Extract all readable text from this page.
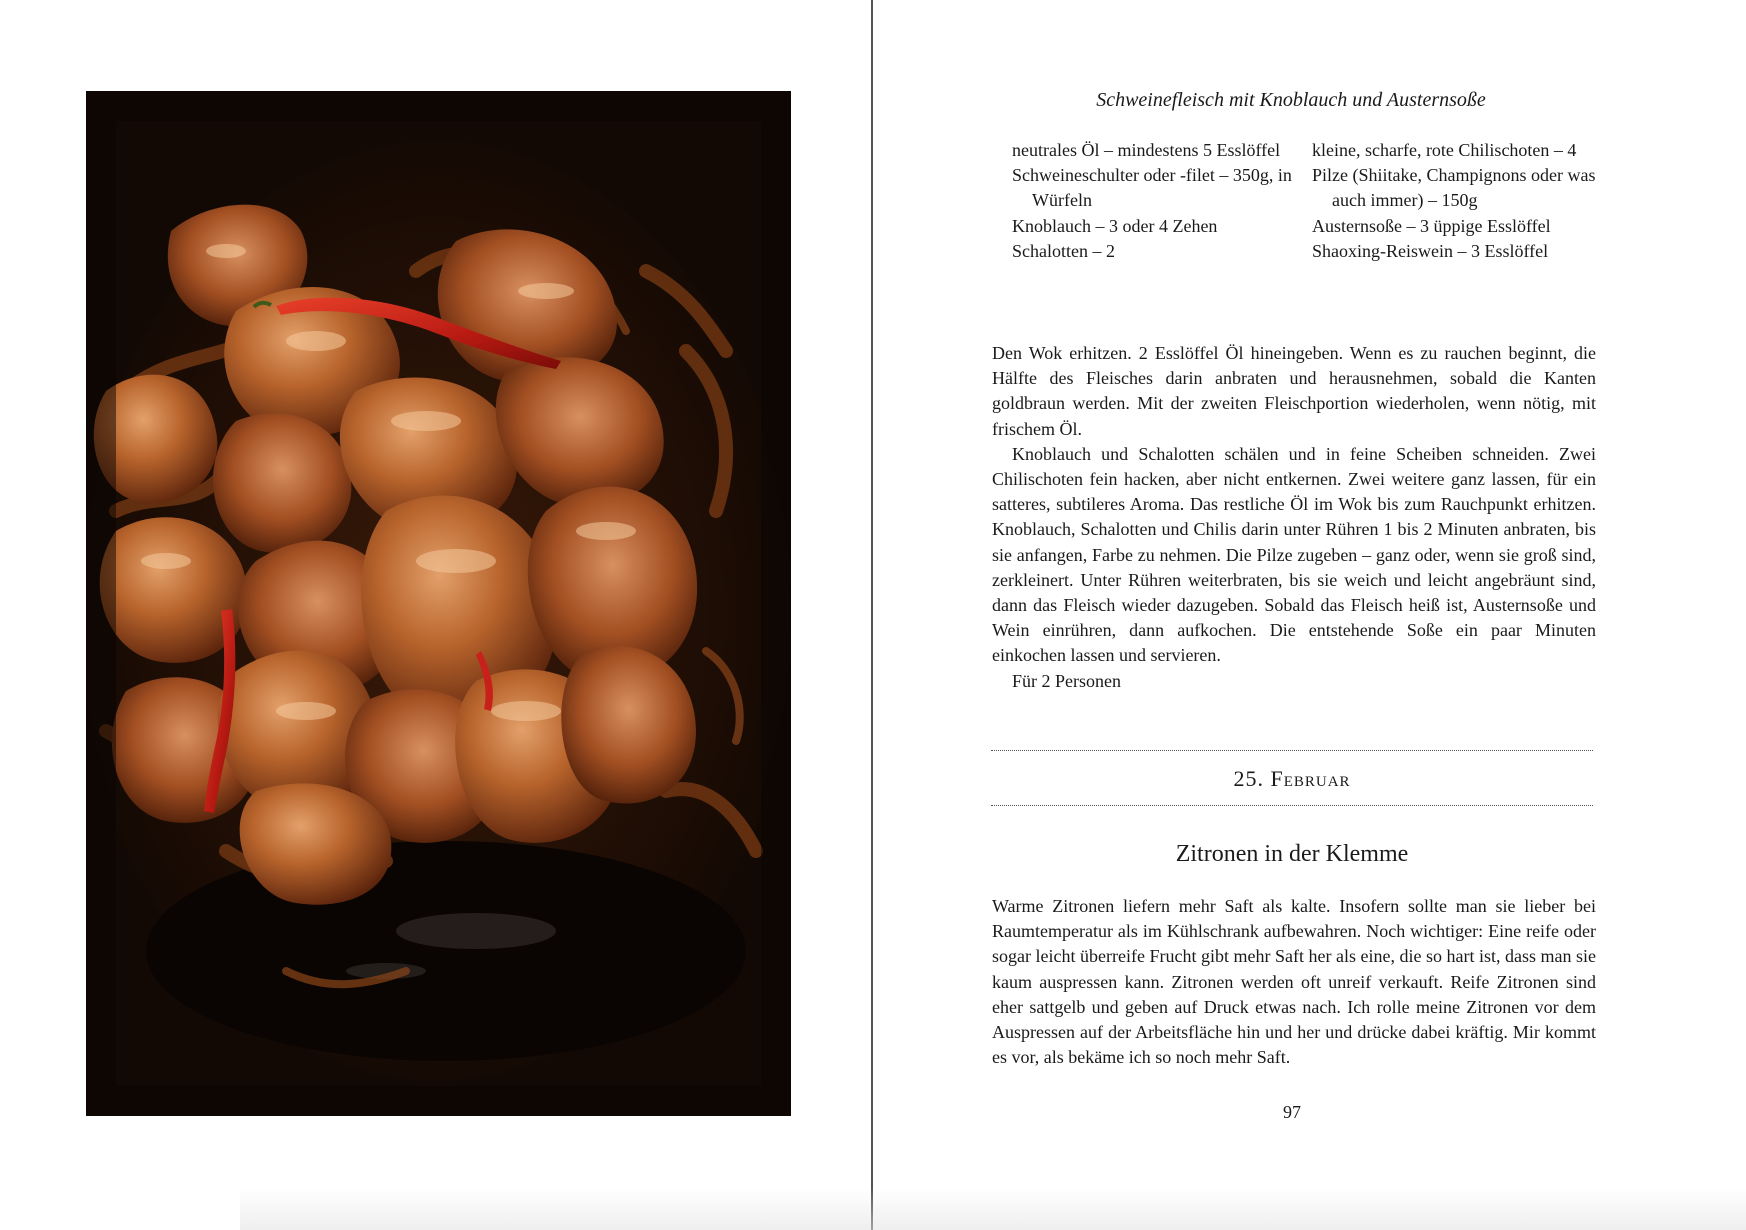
Schweinefleisch mit Knoblauch und Austernsoße

neutrales Öl – mindestens 5 Esslöffel

Schweineschulter oder -filet – 350g, in Würfeln

Knoblauch – 3 oder 4 Zehen

Schalotten – 2

kleine, scharfe, rote Chilischoten – 4

Pilze (Shiitake, Champignons oder was auch immer) – 150g

Austernsoße – 3 üppige Esslöffel

Shaoxing-Reiswein – 3 Esslöffel

Den Wok erhitzen. 2 Esslöffel Öl hineingeben. Wenn es zu rauchen beginnt, die Hälfte des Fleisches darin anbraten und herausnehmen, sobald die Kanten goldbraun werden. Mit der zweiten Fleischportion wiederholen, wenn nötig, mit frischem Öl.

Knoblauch und Schalotten schälen und in feine Scheiben schneiden. Zwei Chilischoten fein hacken, aber nicht entkernen. Zwei weitere ganz lassen, für ein satteres, subtileres Aroma. Das restliche Öl im Wok bis zum Rauchpunkt erhitzen. Knoblauch, Schalotten und Chilis darin unter Rühren 1 bis 2 Minuten anbraten, bis sie anfangen, Farbe zu nehmen. Die Pilze zugeben – ganz oder, wenn sie groß sind, zerkleinert. Unter Rühren weiterbraten, bis sie weich und leicht angebräunt sind, dann das Fleisch wieder dazugeben. Sobald das Fleisch heiß ist, Austernsoße und Wein einrühren, dann aufkochen. Die entstehende Soße ein paar Minuten einkochen lassen und servieren.

Für 2 Personen

25. Februar
Zitronen in der Klemme

Warme Zitronen liefern mehr Saft als kalte. Insofern sollte man sie lieber bei Raumtemperatur als im Kühlschrank aufbewahren. Noch wichtiger: Eine reife oder sogar leicht überreife Frucht gibt mehr Saft her als eine, die so hart ist, dass man sie kaum auspressen kann. Zitronen werden oft unreif verkauft. Reife Zitronen sind eher sattgelb und geben auf Druck etwas nach. Ich rolle meine Zitronen vor dem Auspressen auf der Arbeitsfläche hin und her und drücke dabei kräftig. Mir kommt es vor, als bekäme ich so noch mehr Saft.

97
